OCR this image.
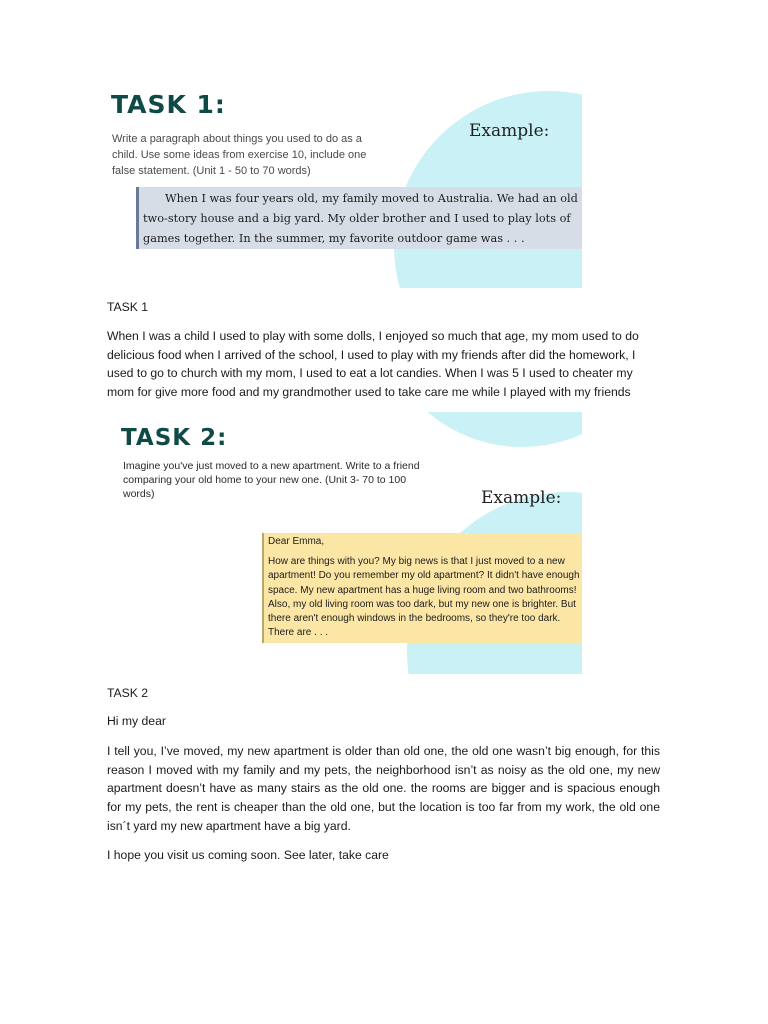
TASK 1:

Write a paragraph about things you used to do as a child. Use some ideas from exercise 10, include one false statement. (Unit 1 - 50 to 70 words)

Example:

When I was four years old, my family moved to Australia. We had an old two-story house and a big yard. My older brother and I used to play lots of games together. In the summer, my favorite outdoor game was . . .

TASK 1

When I was a child I used to play with some dolls, I enjoyed so much that age, my mom used to do delicious food when I arrived of the school, I used to play with my friends after did the homework, I used to go to church with my mom, I used to eat a lot candies. When I was 5 I used to cheater my mom for give more food and my grandmother used to take care me while I played with my friends

TASK 2:

Imagine you've just moved to a new apartment. Write to a friend comparing your old home to your new one. (Unit 3- 70 to 100 words)	Example:

Dear Emma,
How are things with you? My big news is that I just moved to a new apartment! Do you remember my old apartment? It didn't have enough space. My new apartment has a huge living room and two bathrooms! Also, my old living room was too dark, but my new one is brighter. But there aren't enough windows in the bedrooms, so they're too dark. There are . . .

TASK 2

Hi my dear

I tell you, I’ve moved, my new apartment is older than old one, the old one wasn’t big enough, for this reason I moved with my family and my pets, the neighborhood isn’t as noisy as the old one, my new apartment doesn’t have as many stairs as the old one. the rooms are bigger and is spacious enough for my pets, the rent is cheaper than the old one, but the location is too far from my work, the old one isn´t yard my new apartment have a big yard.

I hope you visit us coming soon. See later, take care
